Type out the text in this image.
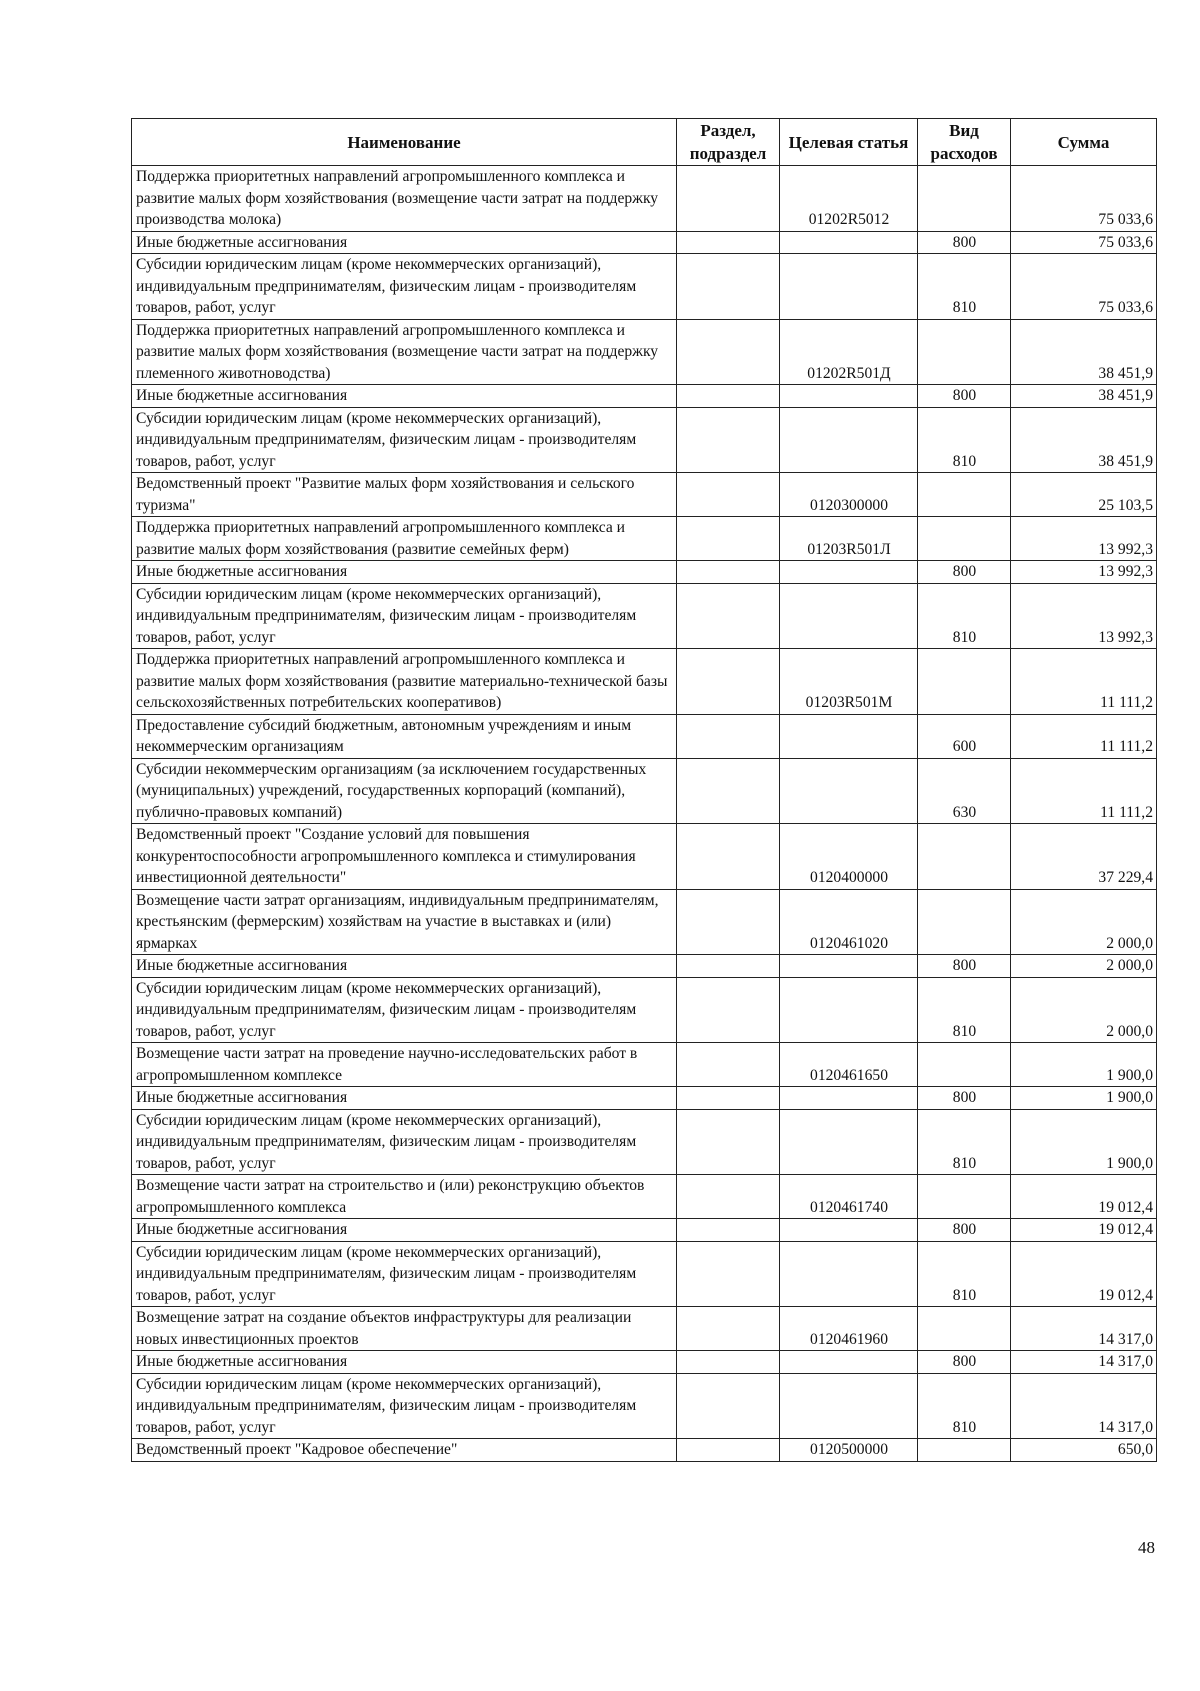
Наименование	Раздел, подраздел	Целевая статья	Вид расходов	Сумма
Поддержка приоритетных направлений агропромышленного комплекса и развитие малых форм хозяйствования (возмещение части затрат на поддержку производства молока)		01202R5012		75 033,6
Иные бюджетные ассигнования			800	75 033,6
Субсидии юридическим лицам (кроме некоммерческих организаций), индивидуальным предпринимателям, физическим лицам - производителям товаров, работ, услуг			810	75 033,6
Поддержка приоритетных направлений агропромышленного комплекса и развитие малых форм хозяйствования (возмещение части затрат на поддержку племенного животноводства)		01202R501Д		38 451,9
Иные бюджетные ассигнования			800	38 451,9
Субсидии юридическим лицам (кроме некоммерческих организаций), индивидуальным предпринимателям, физическим лицам - производителям товаров, работ, услуг			810	38 451,9
Ведомственный проект "Развитие малых форм хозяйствования и сельского туризма"		0120300000		25 103,5
Поддержка приоритетных направлений агропромышленного комплекса и развитие малых форм хозяйствования (развитие семейных ферм)		01203R501Л		13 992,3
Иные бюджетные ассигнования			800	13 992,3
Субсидии юридическим лицам (кроме некоммерческих организаций), индивидуальным предпринимателям, физическим лицам - производителям товаров, работ, услуг			810	13 992,3
Поддержка приоритетных направлений агропромышленного комплекса и развитие малых форм хозяйствования (развитие материально-технической базы сельскохозяйственных потребительских кооперативов)		01203R501М		11 111,2
Предоставление субсидий бюджетным, автономным учреждениям и иным некоммерческим организациям			600	11 111,2
Субсидии некоммерческим организациям (за исключением государственных (муниципальных) учреждений, государственных корпораций (компаний), публично-правовых компаний)			630	11 111,2
Ведомственный проект "Создание условий для повышения конкурентоспособности агропромышленного комплекса и стимулирования инвестиционной деятельности"		0120400000		37 229,4
Возмещение части затрат организациям, индивидуальным предпринимателям, крестьянским (фермерским) хозяйствам на участие в выставках и (или) ярмарках		0120461020		2 000,0
Иные бюджетные ассигнования			800	2 000,0
Субсидии юридическим лицам (кроме некоммерческих организаций), индивидуальным предпринимателям, физическим лицам - производителям товаров, работ, услуг			810	2 000,0
Возмещение части затрат на проведение научно-исследовательских работ в агропромышленном комплексе		0120461650		1 900,0
Иные бюджетные ассигнования			800	1 900,0
Субсидии юридическим лицам (кроме некоммерческих организаций), индивидуальным предпринимателям, физическим лицам - производителям товаров, работ, услуг			810	1 900,0
Возмещение части затрат на строительство и (или) реконструкцию объектов агропромышленного комплекса		0120461740		19 012,4
Иные бюджетные ассигнования			800	19 012,4
Субсидии юридическим лицам (кроме некоммерческих организаций), индивидуальным предпринимателям, физическим лицам - производителям товаров, работ, услуг			810	19 012,4
Возмещение затрат на создание объектов инфраструктуры для реализации новых инвестиционных проектов		0120461960		14 317,0
Иные бюджетные ассигнования			800	14 317,0
Субсидии юридическим лицам (кроме некоммерческих организаций), индивидуальным предпринимателям, физическим лицам - производителям товаров, работ, услуг			810	14 317,0
Ведомственный проект "Кадровое обеспечение"		0120500000		650,0
48
